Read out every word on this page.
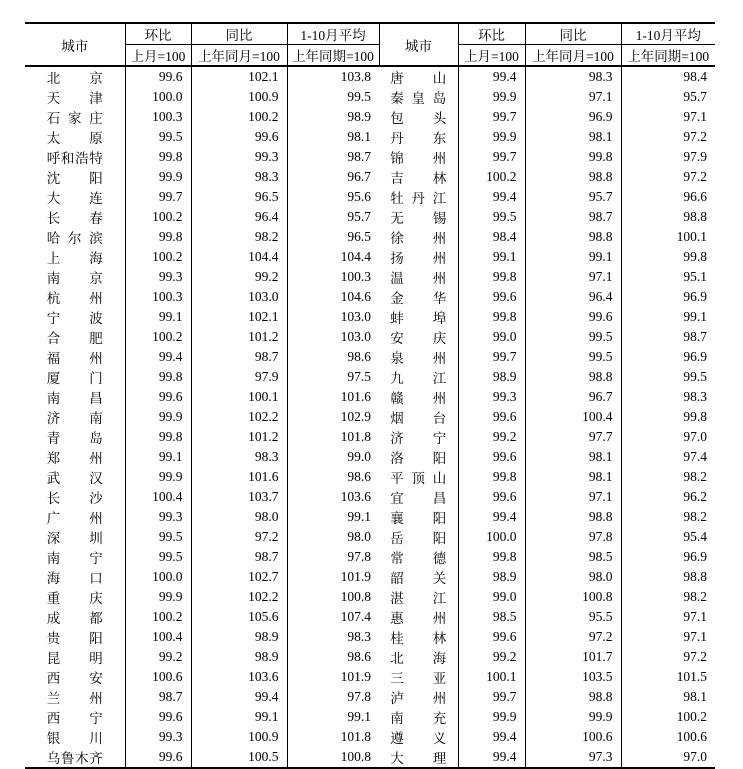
城市	环比	同比	1-10月平均	城市	环比	同比	1-10月平均
	上月=100	上年同月=100	上年同期=100		上月=100	上年同月=100	上年同期=100

北 京	99.6	102.1	103.8	唐 山	99.4	98.3	98.4

天 津	100.0	100.9	99.5	秦 皇 岛	99.9	97.1	95.7

石 家 庄	100.3	100.2	98.9	包 头	99.7	96.9	97.1

太 原	99.5	99.6	98.1	丹 东	99.9	98.1	97.2

呼 和 浩 特	99.8	99.3	98.7	锦 州	99.7	99.8	97.9

沈 阳	99.9	98.3	96.7	吉 林	100.2	98.8	97.2

大 连	99.7	96.5	95.6	牡 丹 江	99.4	95.7	96.6

长 春	100.2	96.4	95.7	无 锡	99.5	98.7	98.8

哈 尔 滨	99.8	98.2	96.5	徐 州	98.4	98.8	100.1

上 海	100.2	104.4	104.4	扬 州	99.1	99.1	99.8

南 京	99.3	99.2	100.3	温 州	99.8	97.1	95.1

杭 州	100.3	103.0	104.6	金 华	99.6	96.4	96.9

宁 波	99.1	102.1	103.0	蚌 埠	99.8	99.6	99.1

合 肥	100.2	101.2	103.0	安 庆	99.0	99.5	98.7

福 州	99.4	98.7	98.6	泉 州	99.7	99.5	96.9

厦 门	99.8	97.9	97.5	九 江	98.9	98.8	99.5

南 昌	99.6	100.1	101.6	赣 州	99.3	96.7	98.3

济 南	99.9	102.2	102.9	烟 台	99.6	100.4	99.8

青 岛	99.8	101.2	101.8	济 宁	99.2	97.7	97.0

郑 州	99.1	98.3	99.0	洛 阳	99.6	98.1	97.4

武 汉	99.9	101.6	98.6	平 顶 山	99.8	98.1	98.2

长 沙	100.4	103.7	103.6	宜 昌	99.6	97.1	96.2

广 州	99.3	98.0	99.1	襄 阳	99.4	98.8	98.2

深 圳	99.5	97.2	98.0	岳 阳	100.0	97.8	95.4

南 宁	99.5	98.7	97.8	常 德	99.8	98.5	96.9

海 口	100.0	102.7	101.9	韶 关	98.9	98.0	98.8

重 庆	99.9	102.2	100.8	湛 江	99.0	100.8	98.2

成 都	100.2	105.6	107.4	惠 州	98.5	95.5	97.1

贵 阳	100.4	98.9	98.3	桂 林	99.6	97.2	97.1

昆 明	99.2	98.9	98.6	北 海	99.2	101.7	97.2

西 安	100.6	103.6	101.9	三 亚	100.1	103.5	101.5

兰 州	98.7	99.4	97.8	泸 州	99.7	98.8	98.1

西 宁	99.6	99.1	99.1	南 充	99.9	99.9	100.2

银 川	99.3	100.9	101.8	遵 义	99.4	100.6	100.6

乌 鲁 木 齐	99.6	100.5	100.8	大 理	99.4	97.3	97.0
